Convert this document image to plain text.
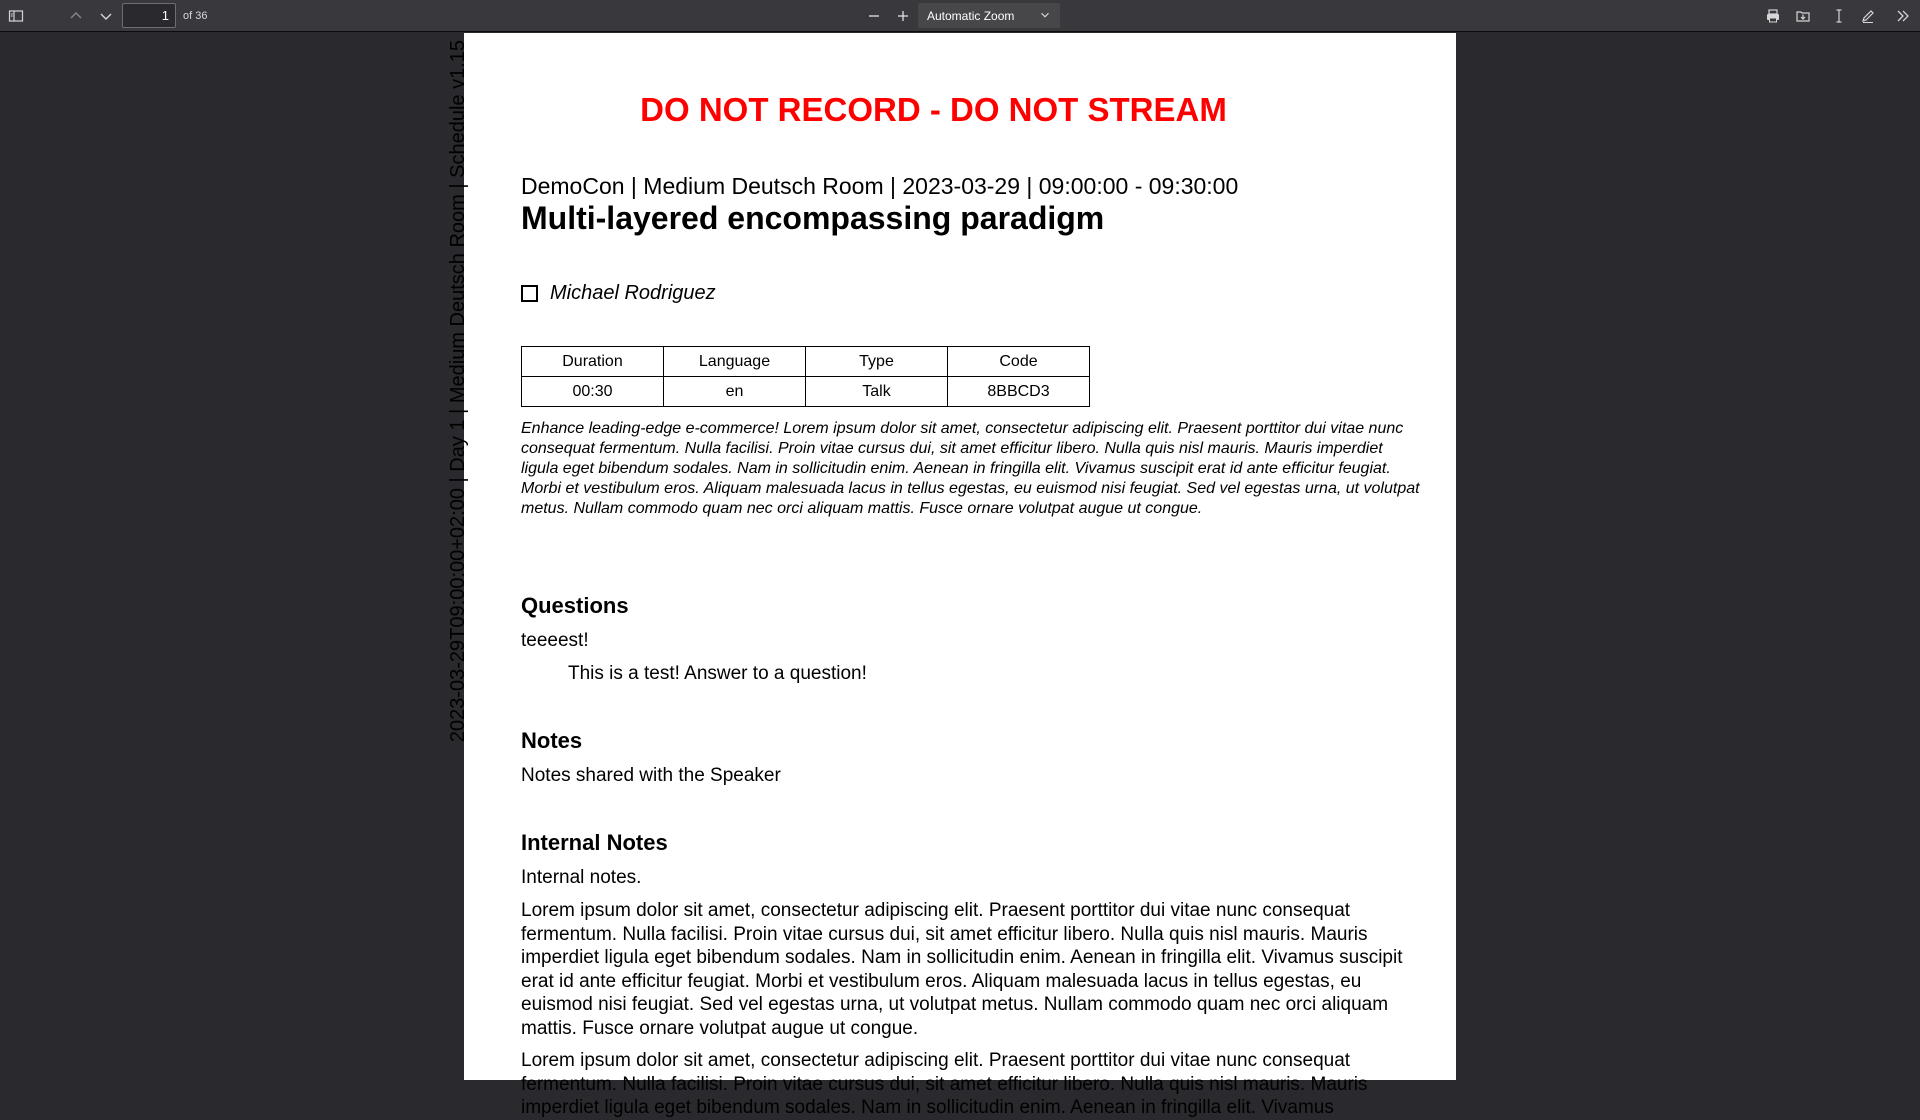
1	of 36	Automatic Zoom
2023-03-29T09:00:00+02:00 | Day 1 | Medium Deutsch Room | Schedule v1.15	DO NOT RECORD - DO NOT STREAM
DemoCon | Medium Deutsch Room | 2023-03-29 | 09:00:00 - 09:30:00
Multi-layered encompassing paradigm
Michael Rodriguez
Duration	Language	Type	Code
00:30	en	Talk	8BBCD3
Enhance leading-edge e-commerce! Lorem ipsum dolor sit amet, consectetur adipiscing elit. Praesent porttitor dui vitae nunc consequat fermentum. Nulla facilisi. Proin vitae cursus dui, sit amet efficitur libero. Nulla quis nisl mauris. Mauris imperdiet ligula eget bibendum sodales. Nam in sollicitudin enim. Aenean in fringilla elit. Vivamus suscipit erat id ante efficitur feugiat. Morbi et vestibulum eros. Aliquam malesuada lacus in tellus egestas, eu euismod nisi feugiat. Sed vel egestas urna, ut volutpat metus. Nullam commodo quam nec orci aliquam mattis. Fusce ornare volutpat augue ut congue.
Questions
teeeest!
This is a test! Answer to a question!
Notes
Notes shared with the Speaker
Internal Notes
Internal notes.
Lorem ipsum dolor sit amet, consectetur adipiscing elit. Praesent porttitor dui vitae nunc consequat fermentum. Nulla facilisi. Proin vitae cursus dui, sit amet efficitur libero. Nulla quis nisl mauris. Mauris imperdiet ligula eget bibendum sodales. Nam in sollicitudin enim. Aenean in fringilla elit. Vivamus suscipit erat id ante efficitur feugiat. Morbi et vestibulum eros. Aliquam malesuada lacus in tellus egestas, eu euismod nisi feugiat. Sed vel egestas urna, ut volutpat metus. Nullam commodo quam nec orci aliquam mattis. Fusce ornare volutpat augue ut congue.
Lorem ipsum dolor sit amet, consectetur adipiscing elit. Praesent porttitor dui vitae nunc consequat fermentum. Nulla facilisi. Proin vitae cursus dui, sit amet efficitur libero. Nulla quis nisl mauris. Mauris imperdiet ligula eget bibendum sodales. Nam in sollicitudin enim. Aenean in fringilla elit. Vivamus
